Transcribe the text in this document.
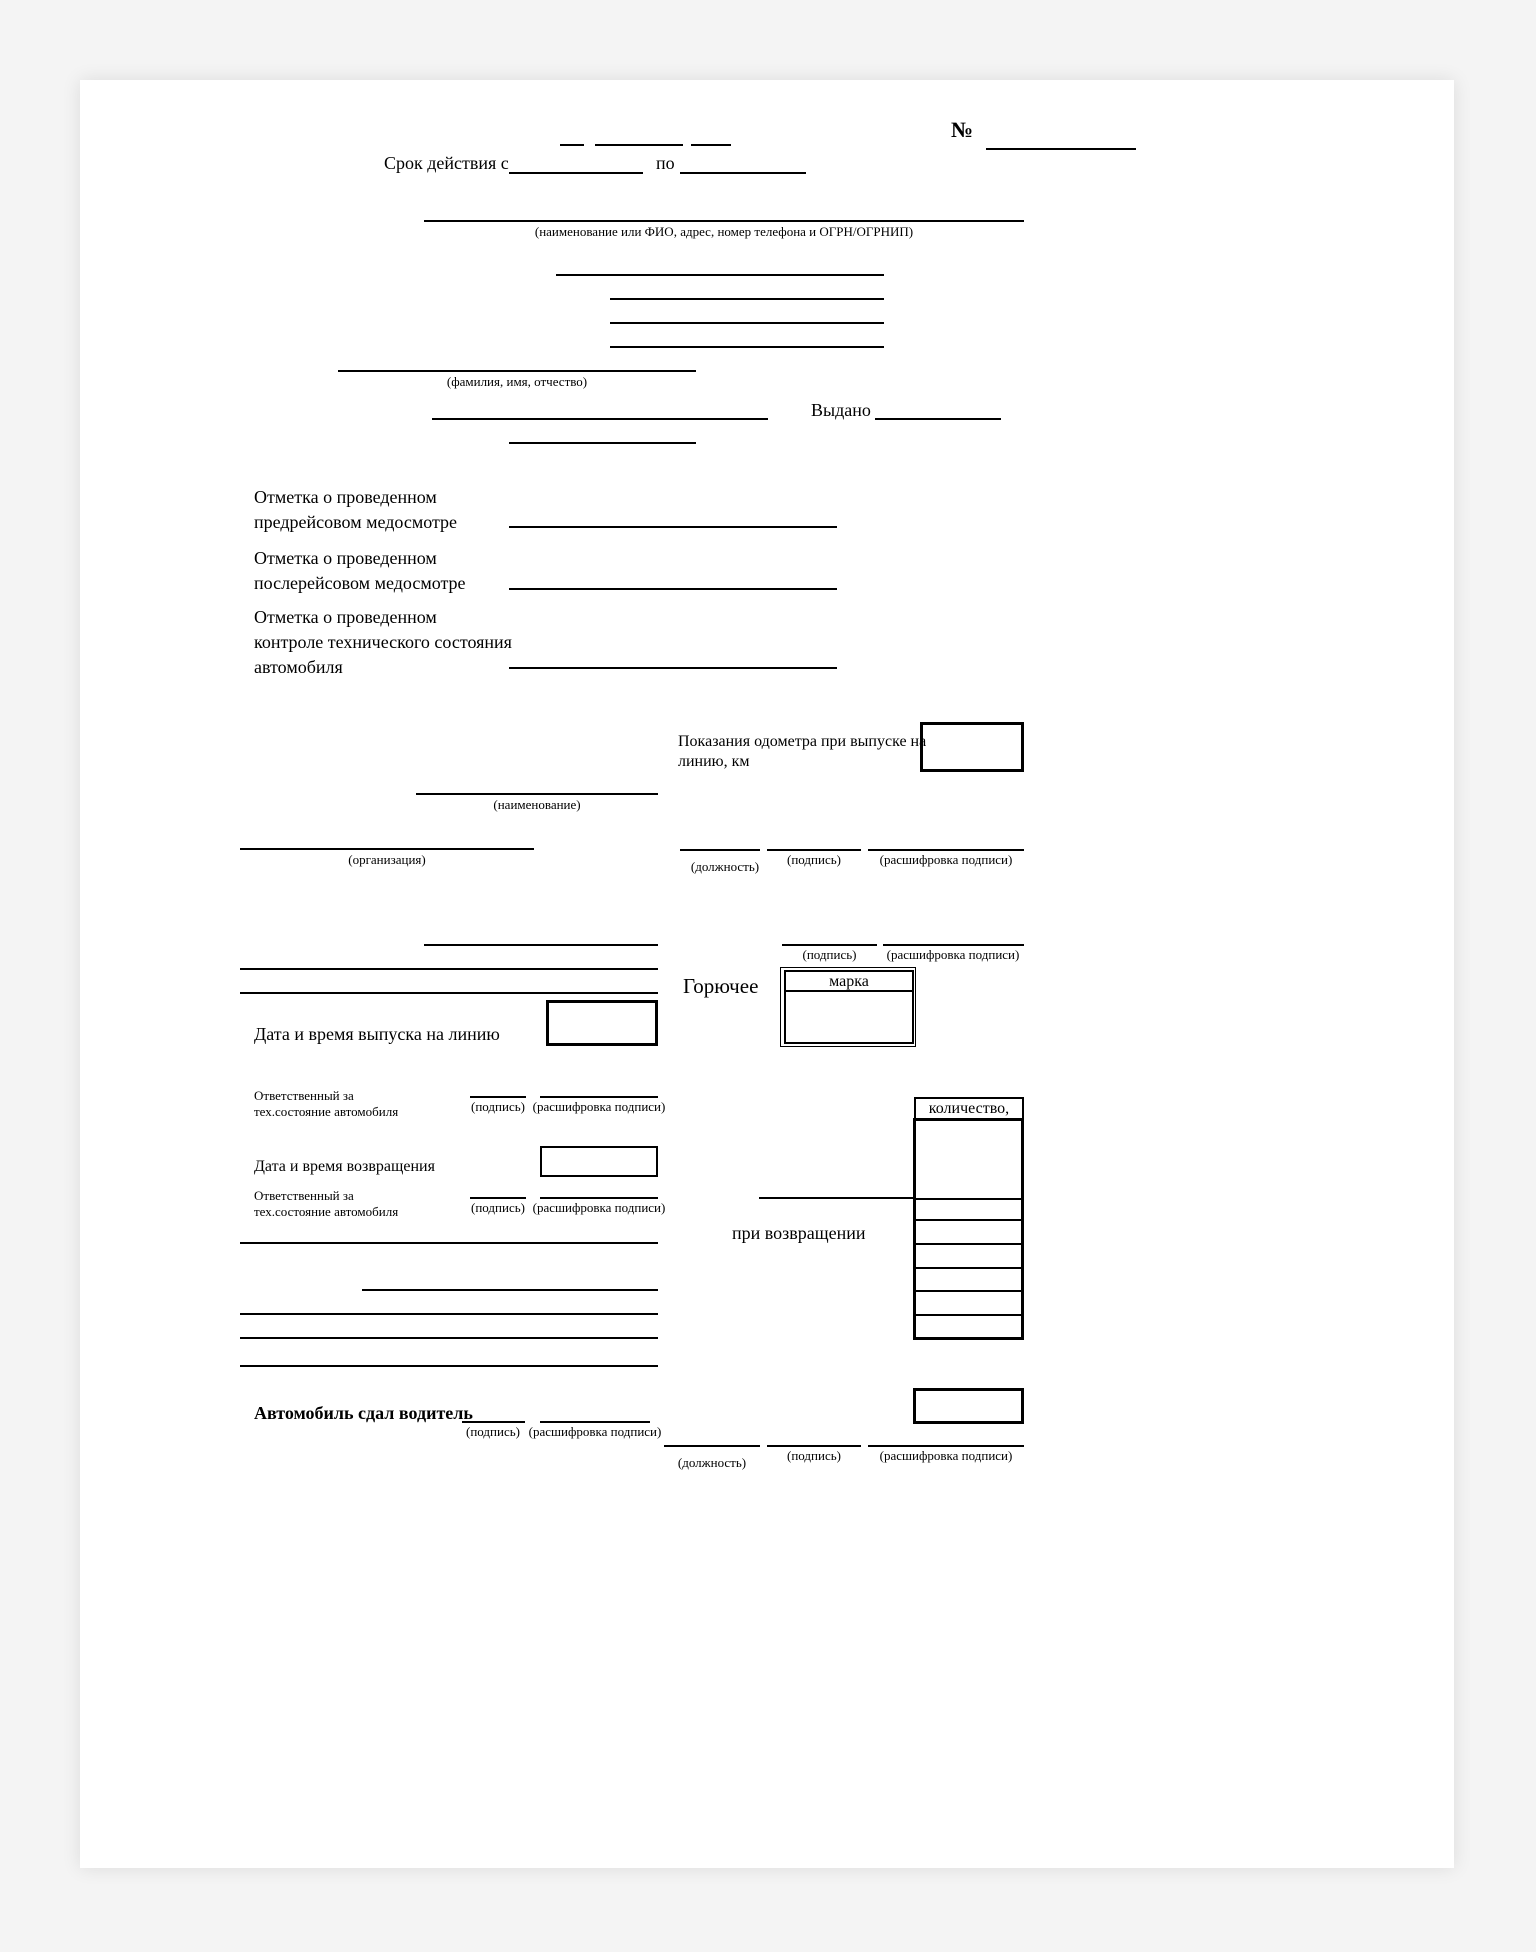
№
Срок действия с	по
(наименование или ФИО, адрес, номер телефона и ОГРН/ОГРНИП)
(фамилия, имя, отчество)
Выдано
Отметка о проведенном
предрейсовом медосмотре
Отметка о проведенном
послерейсовом медосмотре
Отметка о проведенном
контроле технического состояния
автомобиля
Показания одометра при выпуске на
линию, км
(наименование)
(организация)	(должность)	(подпись)	(расшифровка подписи)
(подпись)	(расшифровка подписи)
Горючее	марка
Дата и время выпуска на линию
Ответственный за
тех.состояние автомобиля	(подпись) (расшифровка подписи)	количество,
Дата и время возвращения
Ответственный за
тех.состояние автомобиля	(подпись) (расшифровка подписи)
при возвращении
Автомобиль сдал водитель
(подпись) (расшифровка подписи)
(должность)	(подпись)	(расшифровка подписи)
